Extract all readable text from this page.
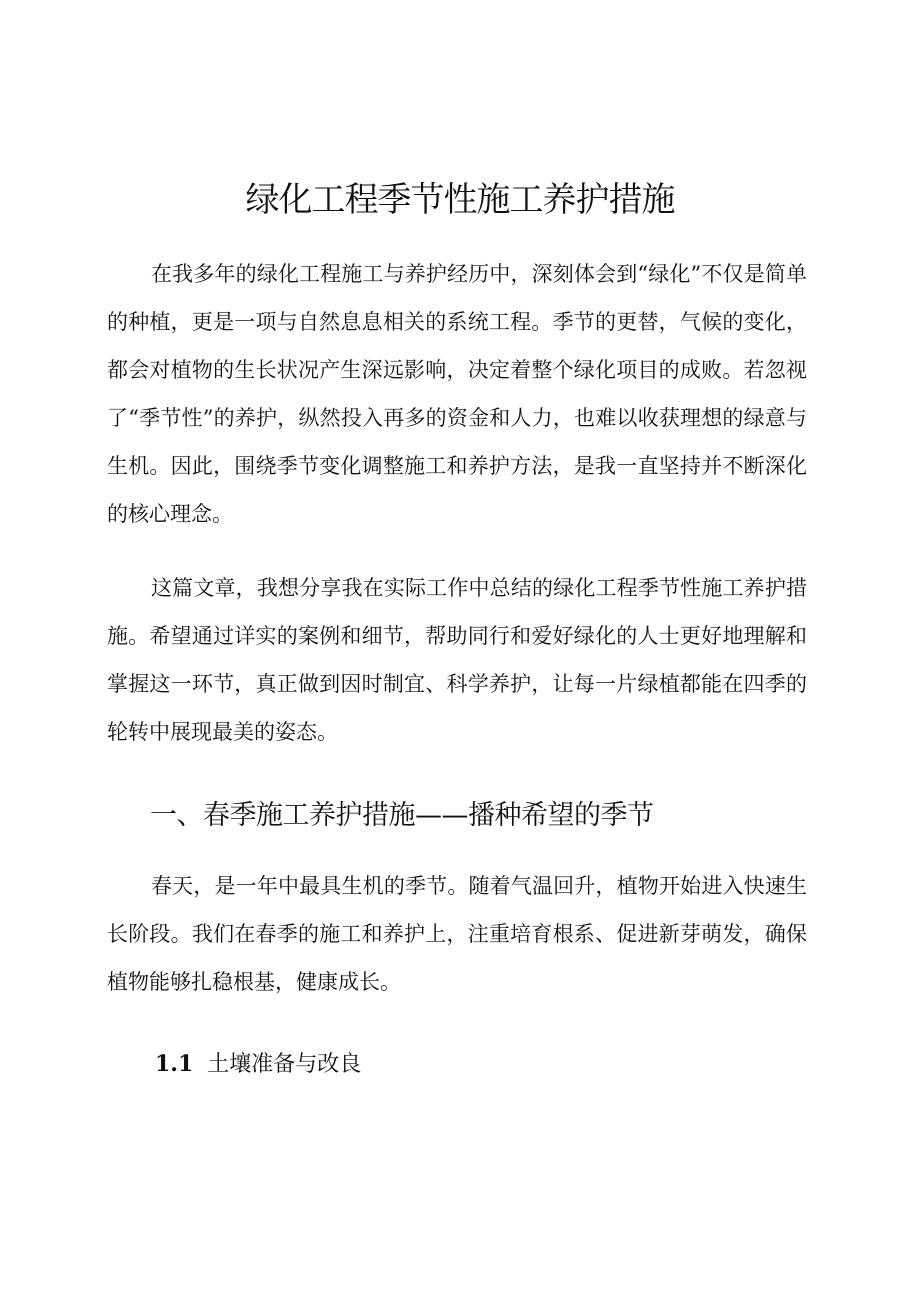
绿化工程季节性施工养护措施

在我多年的绿化工程施工与养护经历中，深刻体会到“绿化”不仅是简单的种植，更是一项与自然息息相关的系统工程。季节的更替，气候的变化，都会对植物的生长状况产生深远影响，决定着整个绿化项目的成败。若忽视了“季节性”的养护，纵然投入再多的资金和人力，也难以收获理想的绿意与生机。因此，围绕季节变化调整施工和养护方法，是我一直坚持并不断深化的核心理念。

这篇文章，我想分享我在实际工作中总结的绿化工程季节性施工养护措施。希望通过详实的案例和细节，帮助同行和爱好绿化的人士更好地理解和掌握这一环节，真正做到因时制宜、科学养护，让每一片绿植都能在四季的轮转中展现最美的姿态。

一、春季施工养护措施——播种希望的季节

春天，是一年中最具生机的季节。随着气温回升，植物开始进入快速生长阶段。我们在春季的施工和养护上，注重培育根系、促进新芽萌发，确保植物能够扎稳根基，健康成长。

1.1 土壤准备与改良
